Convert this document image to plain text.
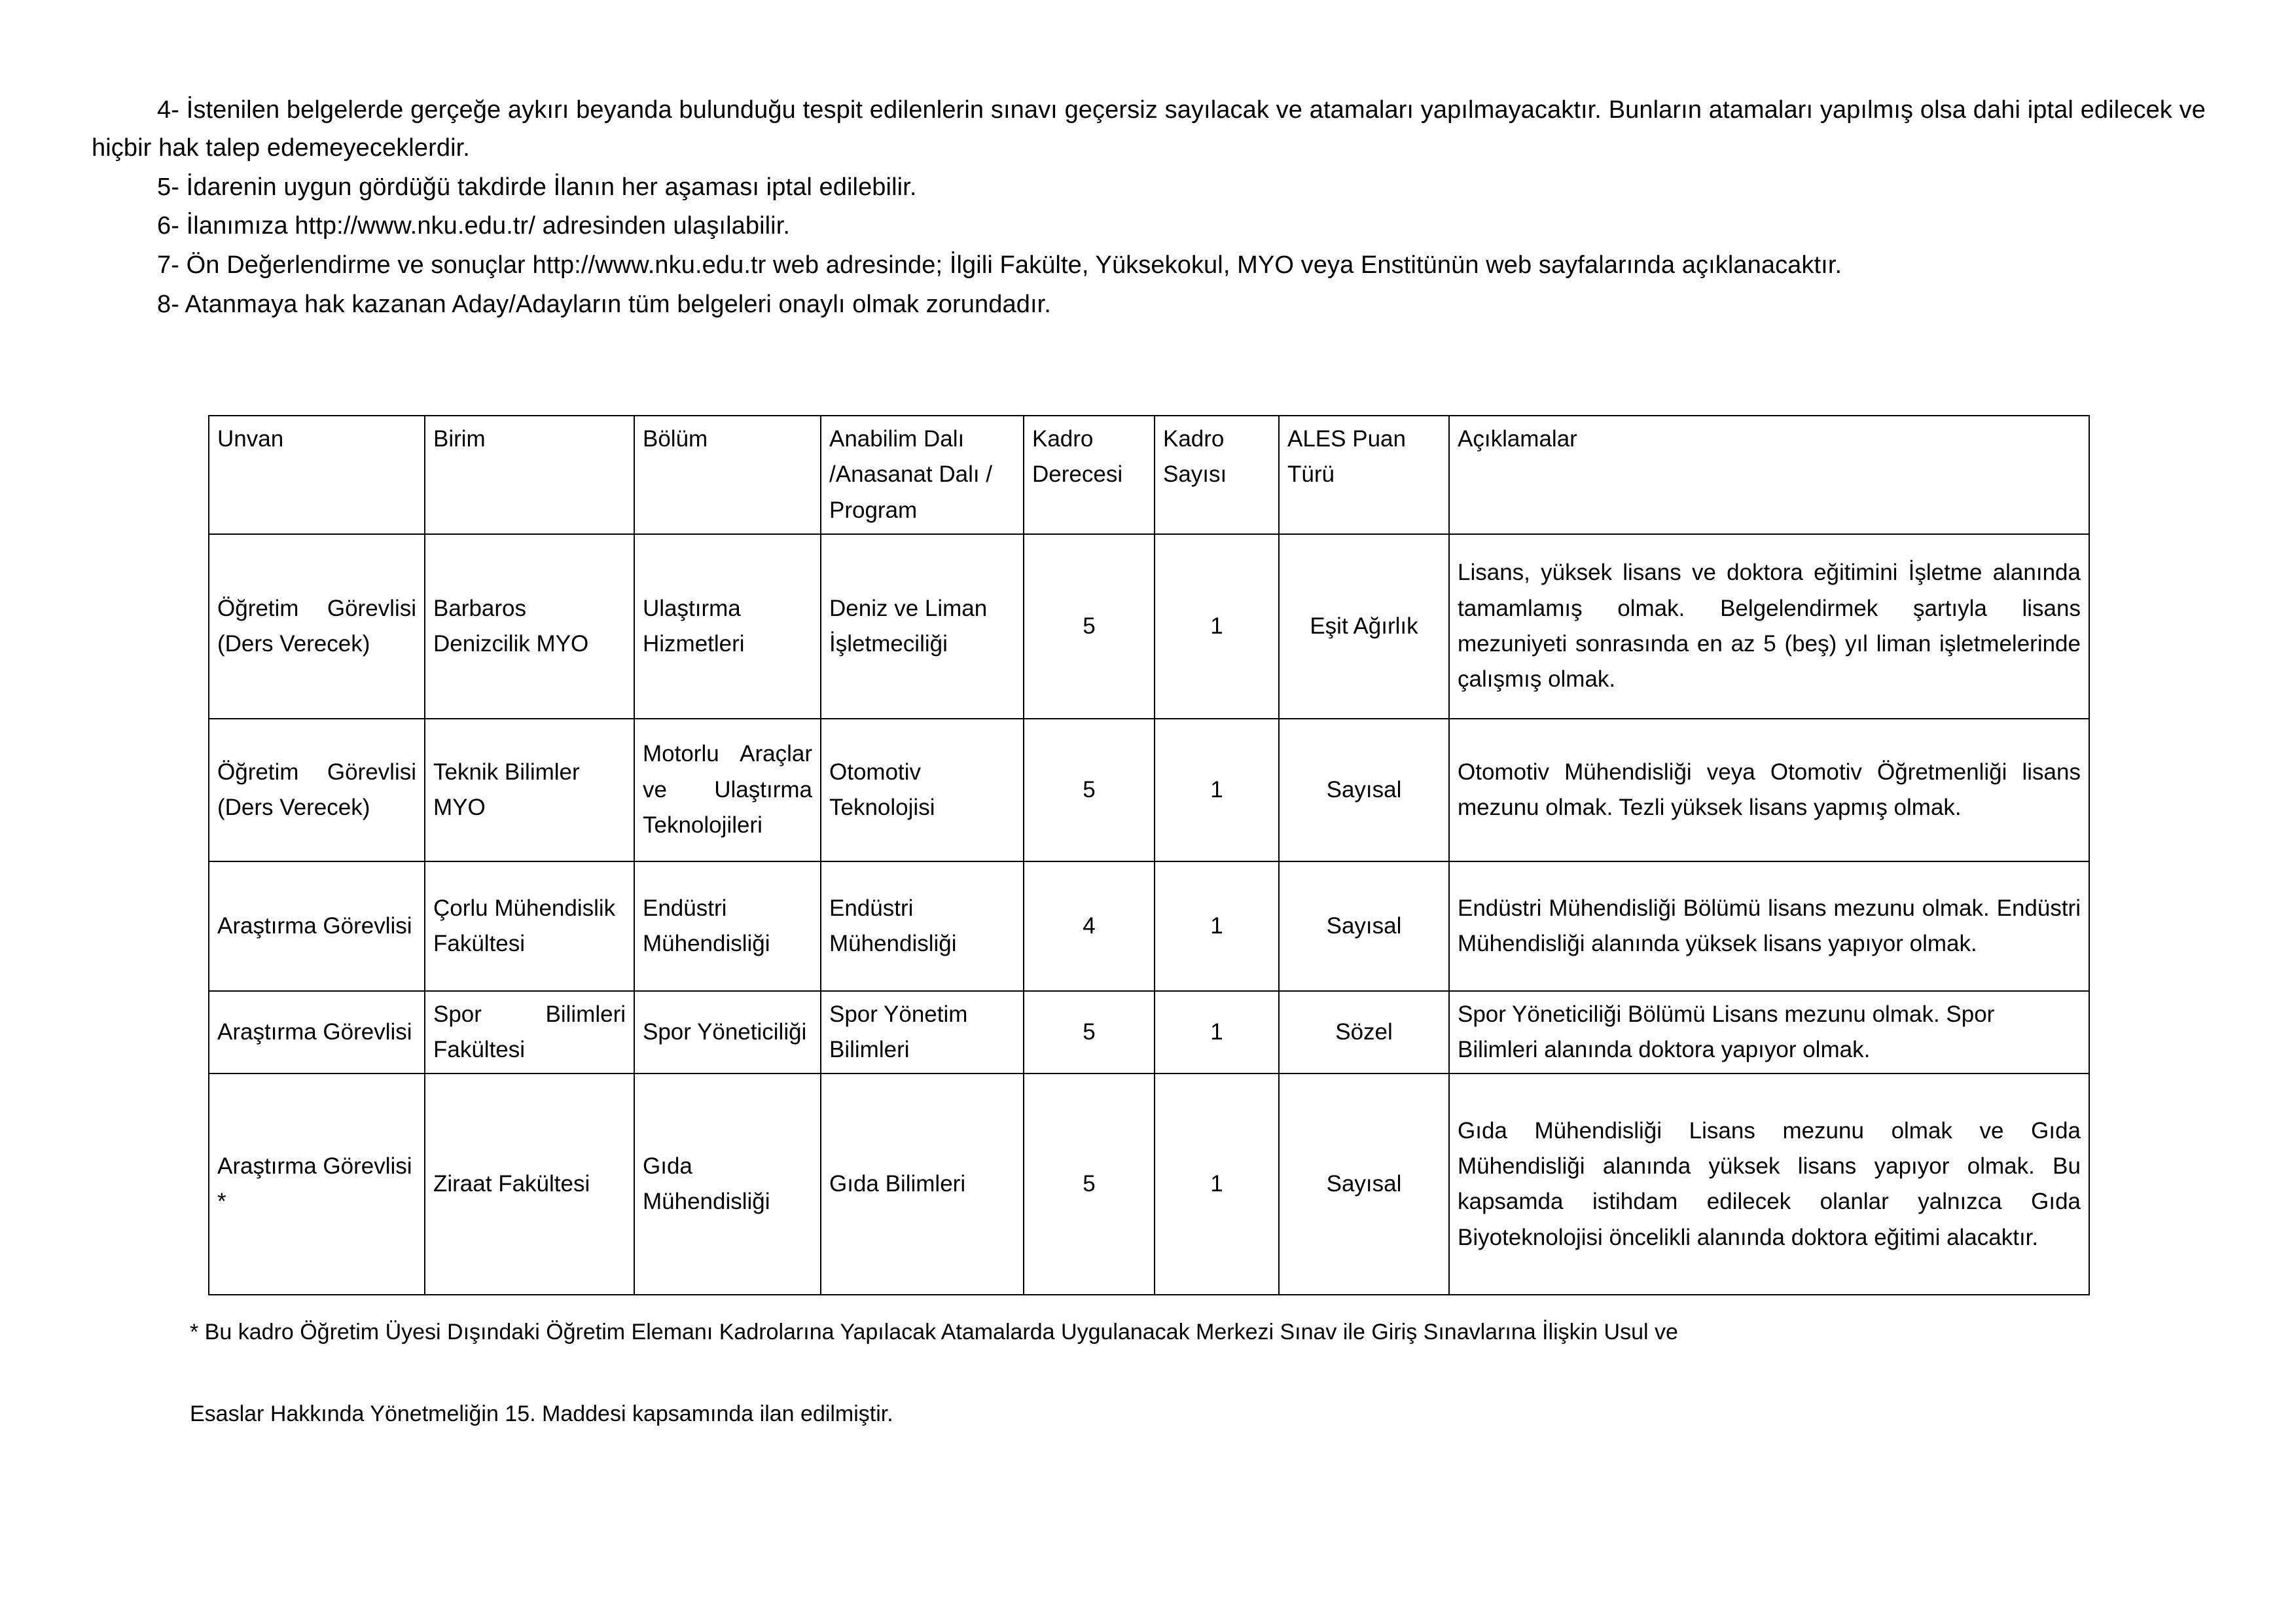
4- İstenilen belgelerde gerçeğe aykırı beyanda bulunduğu tespit edilenlerin sınavı geçersiz sayılacak ve atamaları yapılmayacaktır. Bunların atamaları yapılmış olsa dahi iptal edilecek ve hiçbir hak talep edemeyeceklerdir.

5- İdarenin uygun gördüğü takdirde İlanın her aşaması iptal edilebilir.

6- İlanımıza http://www.nku.edu.tr/ adresinden ulaşılabilir.

7- Ön Değerlendirme ve sonuçlar http://www.nku.edu.tr web adresinde; İlgili Fakülte, Yüksekokul, MYO veya Enstitünün web sayfalarında açıklanacaktır.

8- Atanmaya hak kazanan Aday/Adayların tüm belgeleri onaylı olmak zorundadır.

Unvan	Birim	Bölüm	Anabilim Dalı /Anasanat Dalı / Program	Kadro Derecesi	Kadro Sayısı	ALES Puan Türü	Açıklamalar
Öğretim Görevlisi (Ders Verecek)	Barbaros Denizcilik MYO	Ulaştırma Hizmetleri	Deniz ve Liman İşletmeciliği	5	1	Eşit Ağırlık	Lisans, yüksek lisans ve doktora eğitimini İşletme alanında tamamlamış olmak. Belgelendirmek şartıyla lisans mezuniyeti sonrasında en az 5 (beş) yıl liman işletmelerinde çalışmış olmak.
Öğretim Görevlisi (Ders Verecek)	Teknik Bilimler MYO	Motorlu Araçlar ve Ulaştırma Teknolojileri	Otomotiv Teknolojisi	5	1	Sayısal	Otomotiv Mühendisliği veya Otomotiv Öğretmenliği lisans mezunu olmak. Tezli yüksek lisans yapmış olmak.
Araştırma Görevlisi	Çorlu Mühendislik Fakültesi	Endüstri Mühendisliği	Endüstri Mühendisliği	4	1	Sayısal	Endüstri Mühendisliği Bölümü lisans mezunu olmak. Endüstri Mühendisliği alanında yüksek lisans yapıyor olmak.
Araştırma Görevlisi	Spor Bilimleri Fakültesi	Spor Yöneticiliği	Spor Yönetim Bilimleri	5	1	Sözel	Spor Yöneticiliği Bölümü Lisans mezunu olmak. Spor Bilimleri alanında doktora yapıyor olmak.
Araştırma Görevlisi *	Ziraat Fakültesi	Gıda Mühendisliği	Gıda Bilimleri	5	1	Sayısal	Gıda Mühendisliği Lisans mezunu olmak ve Gıda Mühendisliği alanında yüksek lisans yapıyor olmak. Bu kapsamda istihdam edilecek olanlar yalnızca Gıda Biyoteknolojisi öncelikli alanında doktora eğitimi alacaktır.

* Bu kadro Öğretim Üyesi Dışındaki Öğretim Elemanı Kadrolarına Yapılacak Atamalarda Uygulanacak Merkezi Sınav ile Giriş Sınavlarına İlişkin Usul ve

Esaslar Hakkında Yönetmeliğin 15. Maddesi kapsamında ilan edilmiştir.
